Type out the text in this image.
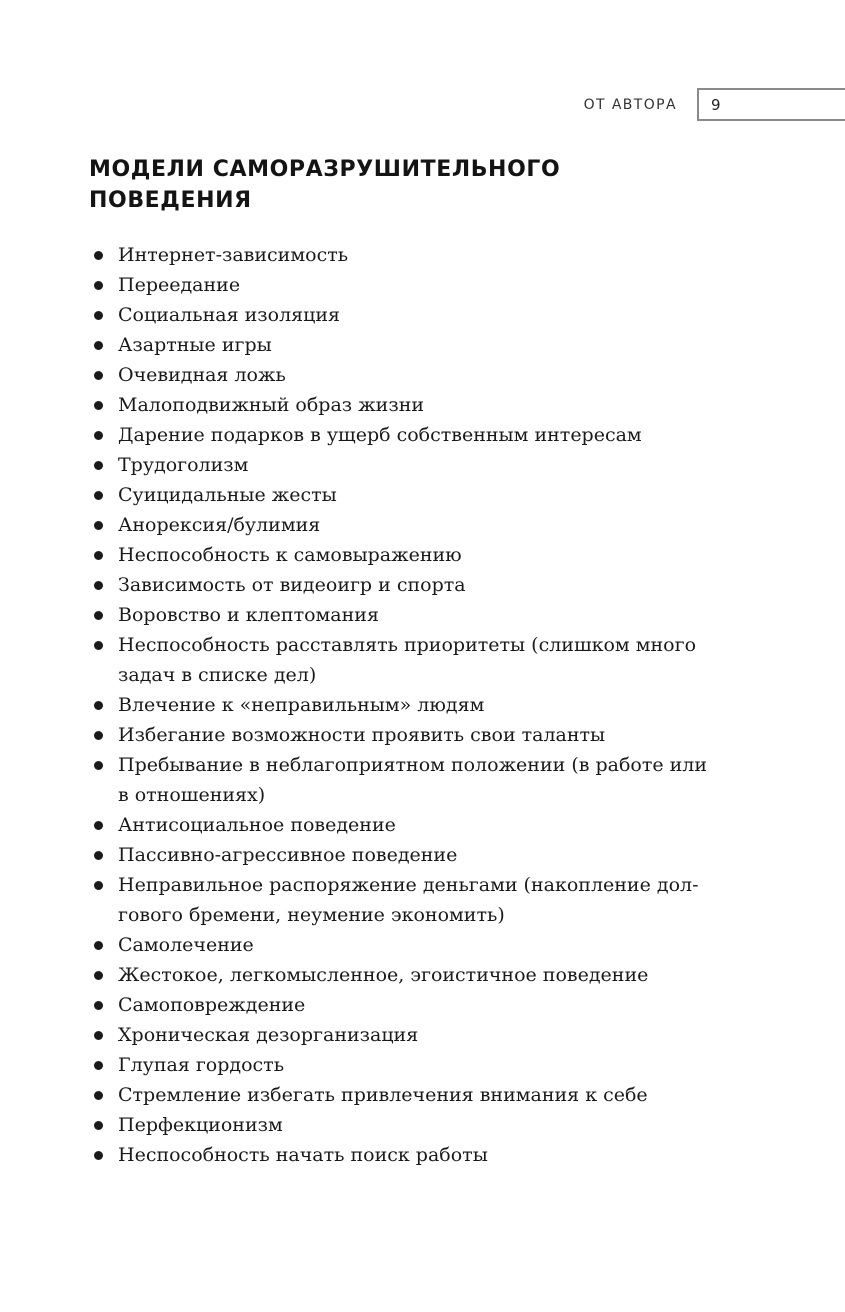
ОТ АВТОРА 9
МОДЕЛИ САМОРАЗРУШИТЕЛЬНОГО
ПОВЕДЕНИЯ
Интернет-зависимость
Переедание
Социальная изоляция
Азартные игры
Очевидная ложь
Малоподвижный образ жизни
Дарение подарков в ущерб собственным интересам
Трудоголизм
Суицидальные жесты
Анорексия/булимия
Неспособность к самовыражению
Зависимость от видеоигр и спорта
Воровство и клептомания
Неспособность расставлять приоритеты (слишком много
задач в списке дел)
Влечение к «неправильным» людям
Избегание возможности проявить свои таланты
Пребывание в неблагоприятном положении (в работе или
в отношениях)
Антисоциальное поведение
Пассивно-агрессивное поведение
Неправильное распоряжение деньгами (накопление дол-
гового бремени, неумение экономить)
Самолечение
Жестокое, легкомысленное, эгоистичное поведение
Самоповреждение
Хроническая дезорганизация
Глупая гордость
Стремление избегать привлечения внимания к себе
Перфекционизм
Неспособность начать поиск работы
